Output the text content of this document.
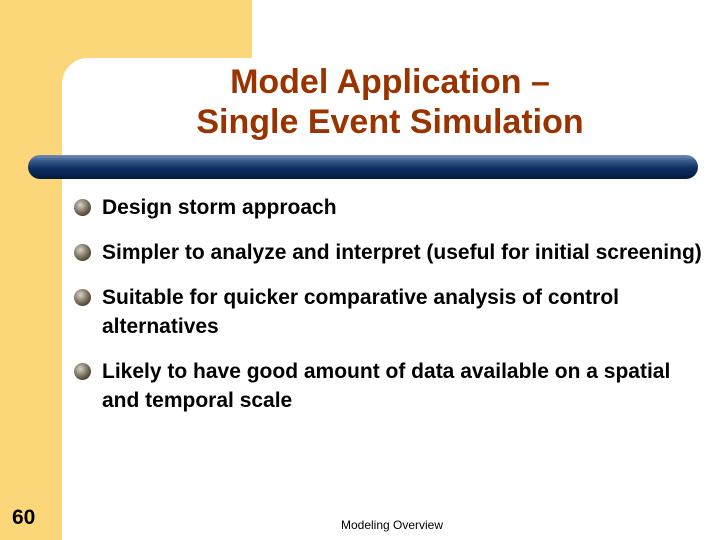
Model Application –
Single Event Simulation
Design storm approach
Simpler to analyze and interpret (useful for initial screening)
Suitable for quicker comparative analysis of control alternatives
Likely to have good amount of data available on a spatial and temporal scale
60	Modeling Overview
